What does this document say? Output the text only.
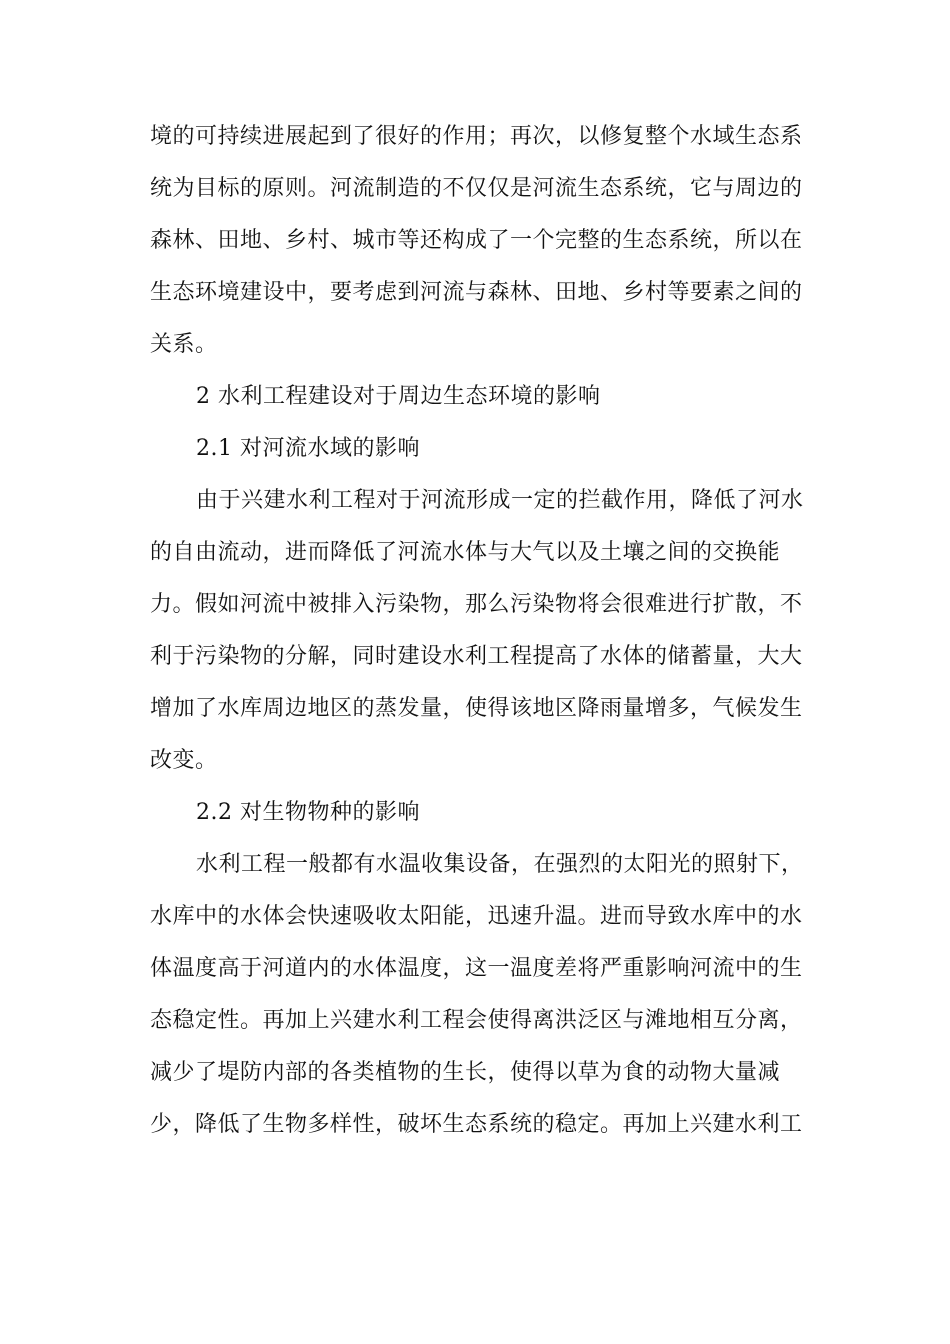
境的可持续进展起到了很好的作用；再次，以修复整个水域生态系
统为目标的原则。河流制造的不仅仅是河流生态系统，它与周边的
森林、田地、乡村、城市等还构成了一个完整的生态系统，所以在
生态环境建设中，要考虑到河流与森林、田地、乡村等要素之间的
关系。
2 水利工程建设对于周边生态环境的影响
2.1 对河流水域的影响
由于兴建水利工程对于河流形成一定的拦截作用，降低了河水
的自由流动，进而降低了河流水体与大气以及土壤之间的交换能
力。假如河流中被排入污染物，那么污染物将会很难进行扩散，不
利于污染物的分解，同时建设水利工程提高了水体的储蓄量，大大
增加了水库周边地区的蒸发量，使得该地区降雨量增多，气候发生
改变。
2.2 对生物物种的影响
水利工程一般都有水温收集设备，在强烈的太阳光的照射下，
水库中的水体会快速吸收太阳能，迅速升温。进而导致水库中的水
体温度高于河道内的水体温度，这一温度差将严重影响河流中的生
态稳定性。再加上兴建水利工程会使得离洪泛区与滩地相互分离，
减少了堤防内部的各类植物的生长，使得以草为食的动物大量减
少，降低了生物多样性，破坏生态系统的稳定。再加上兴建水利工
